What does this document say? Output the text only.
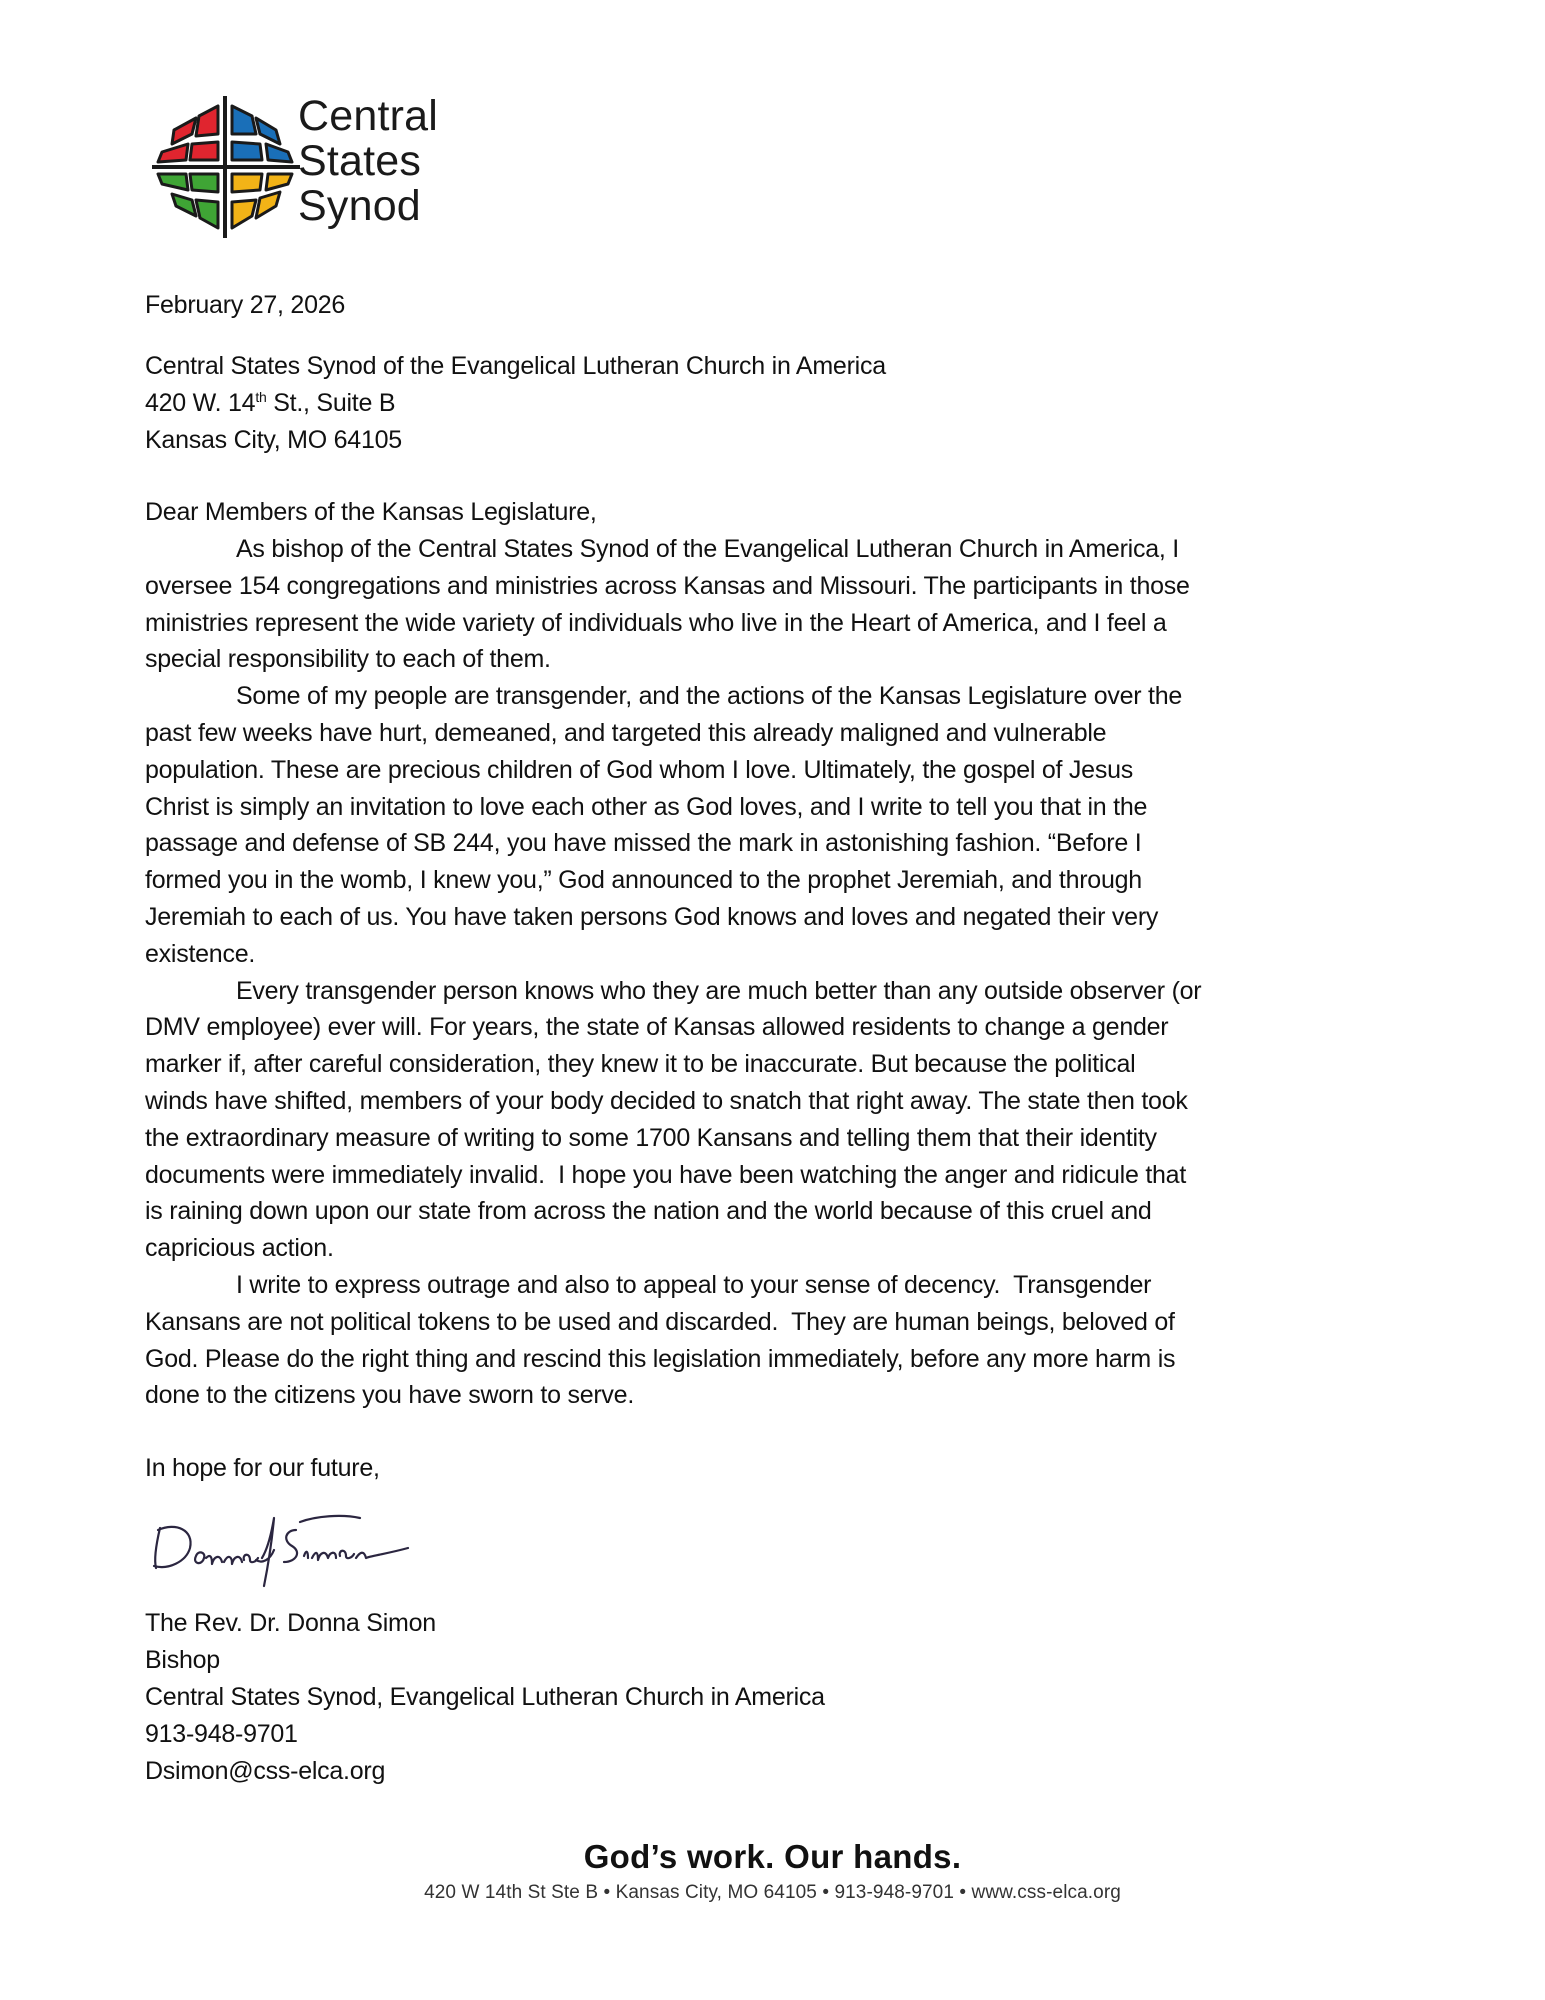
Central
States
Synod
February 27, 2026
Central States Synod of the Evangelical Lutheran Church in America
420 W. 14th St., Suite B
Kansas City, MO 64105
Dear Members of the Kansas Legislature,
As bishop of the Central States Synod of the Evangelical Lutheran Church in America, I
oversee 154 congregations and ministries across Kansas and Missouri. The participants in those
ministries represent the wide variety of individuals who live in the Heart of America, and I feel a
special responsibility to each of them.
Some of my people are transgender, and the actions of the Kansas Legislature over the
past few weeks have hurt, demeaned, and targeted this already maligned and vulnerable
population. These are precious children of God whom I love. Ultimately, the gospel of Jesus
Christ is simply an invitation to love each other as God loves, and I write to tell you that in the
passage and defense of SB 244, you have missed the mark in astonishing fashion. “Before I
formed you in the womb, I knew you,” God announced to the prophet Jeremiah, and through
Jeremiah to each of us. You have taken persons God knows and loves and negated their very
existence.
Every transgender person knows who they are much better than any outside observer (or
DMV employee) ever will. For years, the state of Kansas allowed residents to change a gender
marker if, after careful consideration, they knew it to be inaccurate. But because the political
winds have shifted, members of your body decided to snatch that right away. The state then took
the extraordinary measure of writing to some 1700 Kansans and telling them that their identity
documents were immediately invalid.  I hope you have been watching the anger and ridicule that
is raining down upon our state from across the nation and the world because of this cruel and
capricious action.
I write to express outrage and also to appeal to your sense of decency.  Transgender
Kansans are not political tokens to be used and discarded.  They are human beings, beloved of
God. Please do the right thing and rescind this legislation immediately, before any more harm is
done to the citizens you have sworn to serve.
In hope for our future,
The Rev. Dr. Donna Simon
Bishop
Central States Synod, Evangelical Lutheran Church in America
913-948-9701
Dsimon@css-elca.org
God’s work. Our hands.
420 W 14th St Ste B • Kansas City, MO 64105 • 913-948-9701 • www.css-elca.org
